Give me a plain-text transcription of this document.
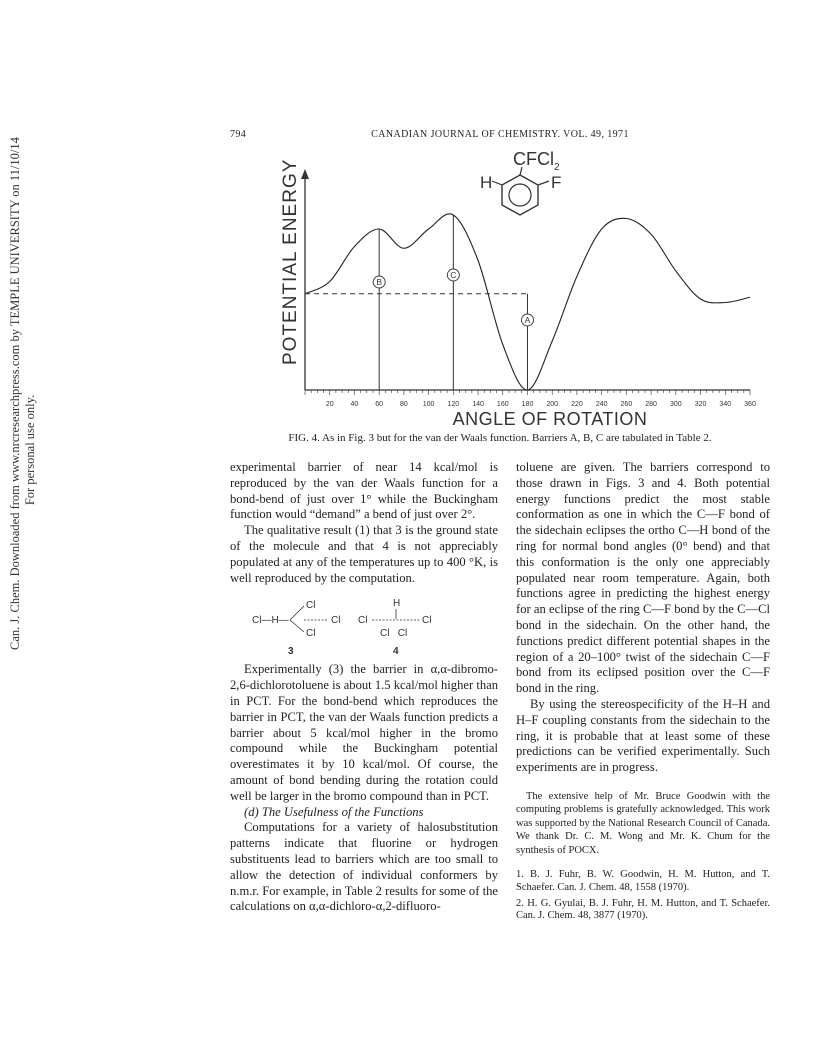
Can. J. Chem. Downloaded from www.nrcresearchpress.com by TEMPLE UNIVERSITY on 11/10/14 For personal use only.
794	CANADIAN JOURNAL OF CHEMISTRY. VOL. 49, 1971
B
C
A
20 40 60 80 100 120 140 160 180 200 220 240 260 280 300 320 340 360
POTENTIAL ENERGY
ANGLE OF ROTATION
CFCl$_2$
H	F
FIG. 4. As in Fig. 3 but for the van der Waals function. Barriers A, B, C are tabulated in Table 2.

experimental barrier of near 14 kcal/mol is reproduced by the van der Waals function for a bond-bend of just over 1° while the Buckingham function would “demand” a bend of just over 2°.

The qualitative result (1) that 3 is the ground state of the molecule and that 4 is not appreciably populated at any of the temperatures up to 400 °K, is well reproduced by the computation.

Cl
Cl—H—	Cl
Cl
3
H
Cl	Cl
Cl   Cl
4

Experimentally (3) the barrier in α,α-dibromo-2,6-dichlorotoluene is about 1.5 kcal/mol higher than in PCT. For the bond-bend which reproduces the barrier in PCT, the van der Waals function predicts a barrier about 5 kcal/mol higher in the bromo compound while the Buckingham potential overestimates it by 10 kcal/mol. Of course, the amount of bond bending during the rotation could well be larger in the bromo compound than in PCT.

(d) The Usefulness of the Functions

Computations for a variety of halosubstitution patterns indicate that fluorine or hydrogen substituents lead to barriers which are too small to allow the detection of individual conformers by n.m.r. For example, in Table 2 results for some of the calculations on α,α-dichloro-α,2-difluoro-

toluene are given. The barriers correspond to those drawn in Figs. 3 and 4. Both potential energy functions predict the most stable conformation as one in which the C—F bond of the sidechain eclipses the ortho C—H bond of the ring for normal bond angles (0° bend) and that this conformation is the only one appreciably populated near room temperature. Again, both functions agree in predicting the highest energy for an eclipse of the ring C—F bond by the C—Cl bond in the sidechain. On the other hand, the functions predict different potential shapes in the region of a 20–100° twist of the sidechain C—F bond from its eclipsed position over the C—F bond in the ring.

By using the stereospecificity of the H–H and H–F coupling constants from the sidechain to the ring, it is probable that at least some of these predictions can be verified experimentally. Such experiments are in progress.

The extensive help of Mr. Bruce Goodwin with the computing problems is gratefully acknowledged. This work was supported by the National Research Council of Canada. We thank Dr. C. M. Wong and Mr. K. Chum for the synthesis of POCX.

1. B. J. Fuhr, B. W. Goodwin, H. M. Hutton, and T. Schaefer. Can. J. Chem. 48, 1558 (1970).
2. H. G. Gyulai, B. J. Fuhr, H. M. Hutton, and T. Schaefer. Can. J. Chem. 48, 3877 (1970).
